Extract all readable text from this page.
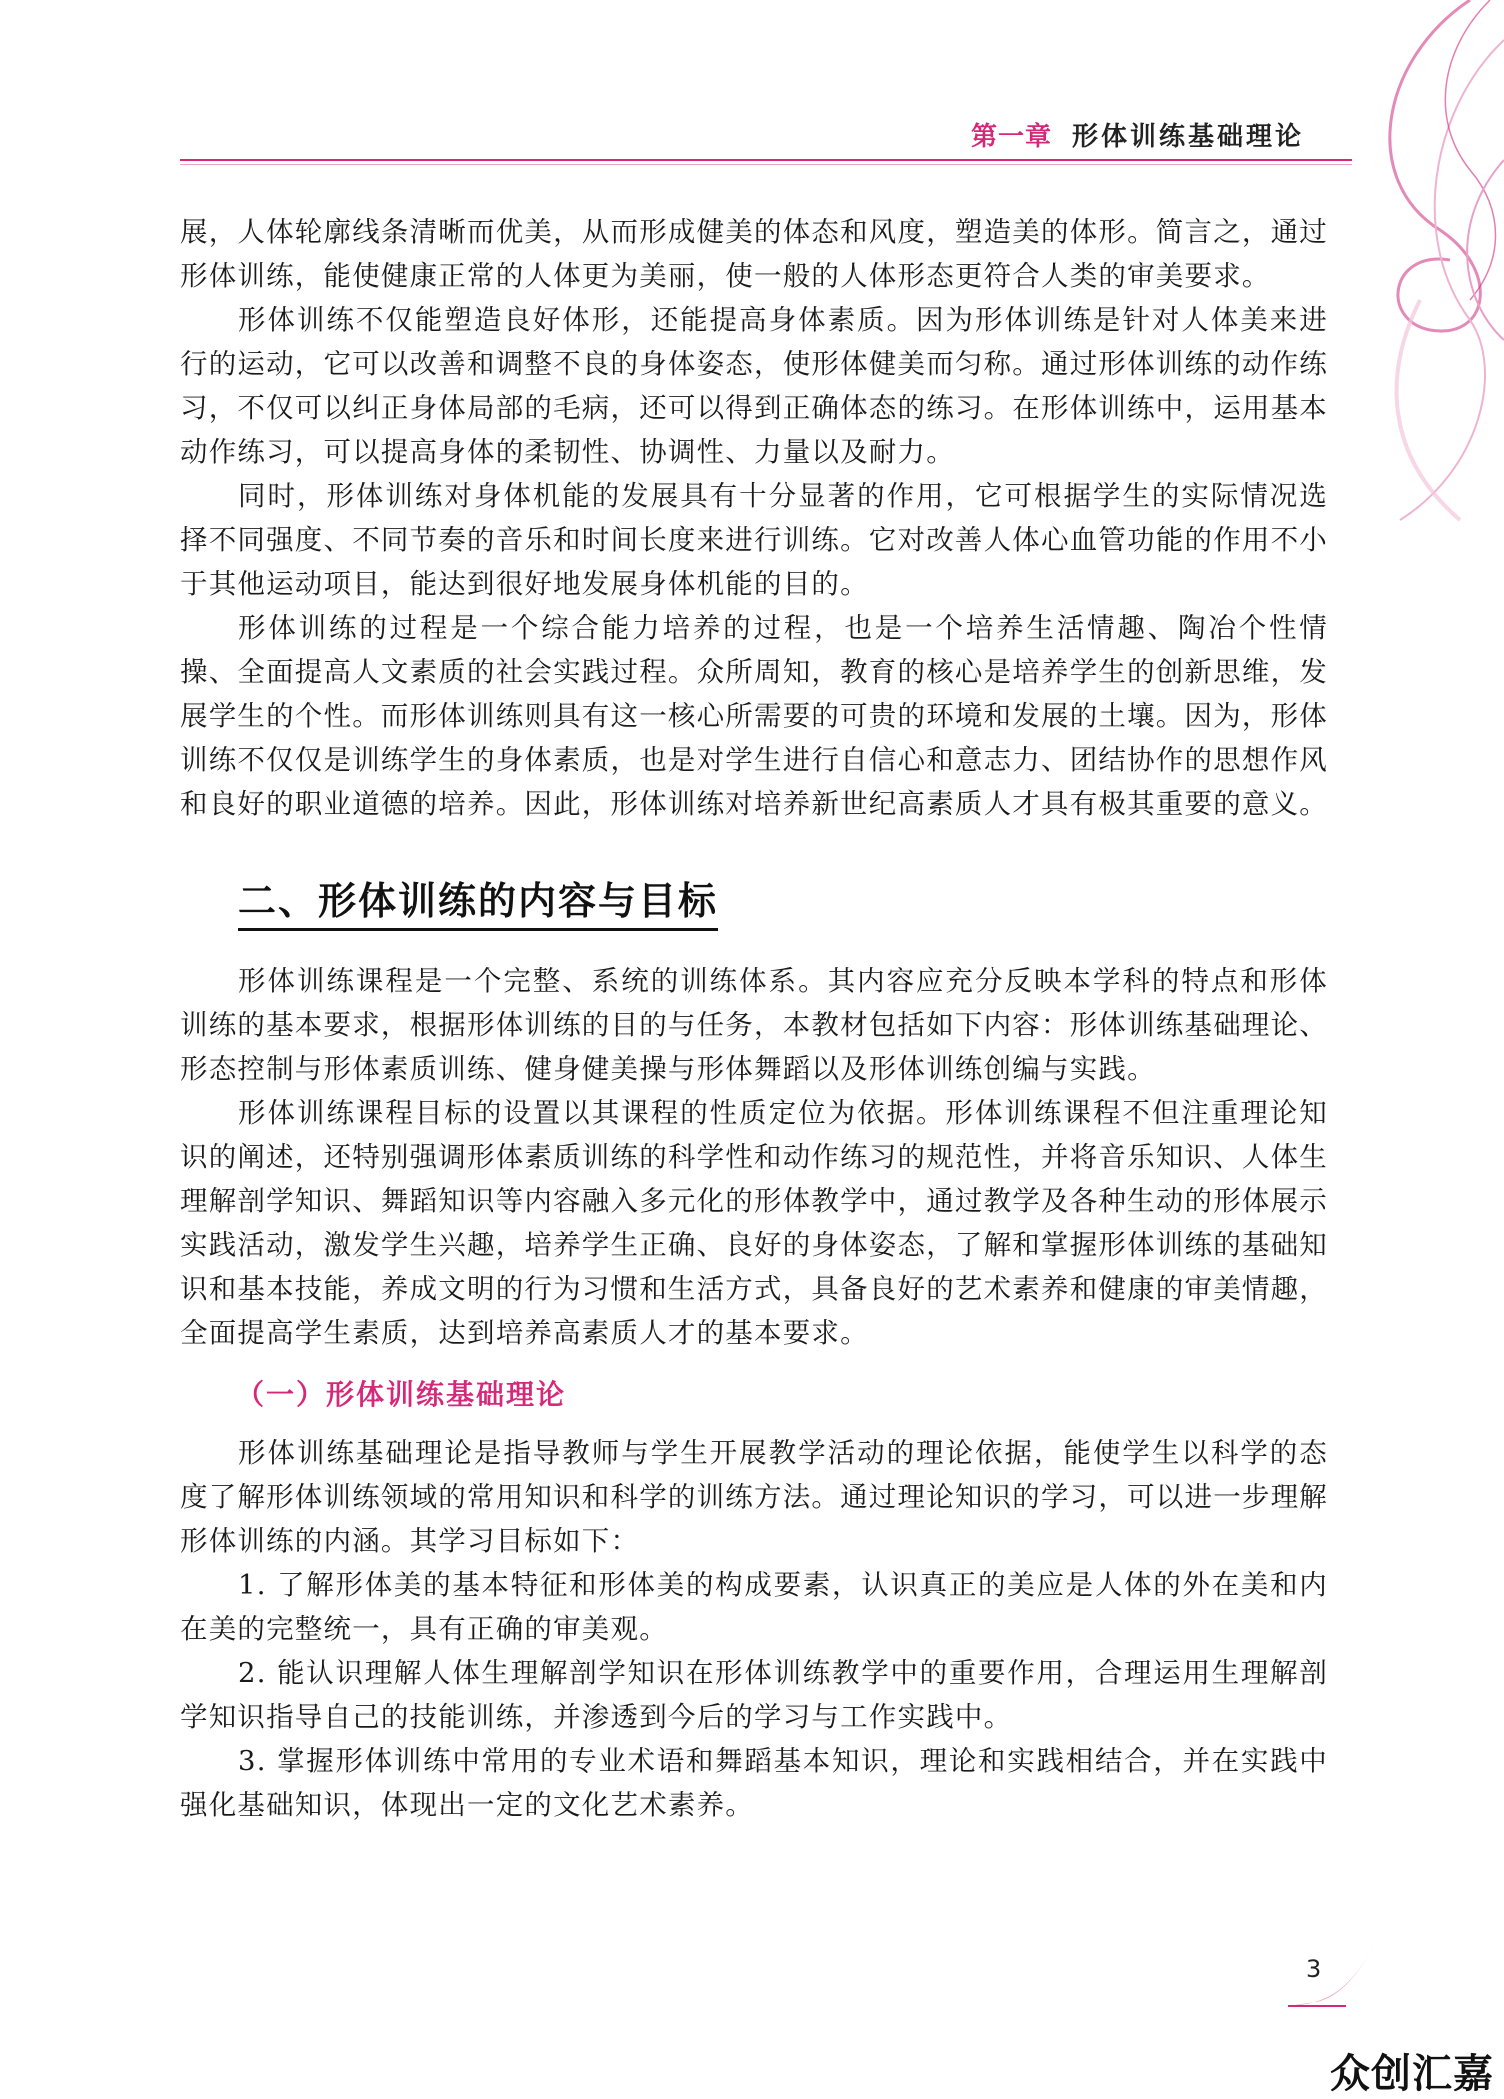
第一章 形体训练基础理论

展，人体轮廓线条清晰而优美，从而形成健美的体态和风度，塑造美的体形。简言之，通过形体训练，能使健康正常的人体更为美丽，使一般的人体形态更符合人类的审美要求。

形体训练不仅能塑造良好体形，还能提高身体素质。因为形体训练是针对人体美来进行的运动，它可以改善和调整不良的身体姿态，使形体健美而匀称。通过形体训练的动作练习，不仅可以纠正身体局部的毛病，还可以得到正确体态的练习。在形体训练中，运用基本动作练习，可以提高身体的柔韧性、协调性、力量以及耐力。

同时，形体训练对身体机能的发展具有十分显著的作用，它可根据学生的实际情况选择不同强度、不同节奏的音乐和时间长度来进行训练。它对改善人体心血管功能的作用不小于其他运动项目，能达到很好地发展身体机能的目的。

形体训练的过程是一个综合能力培养的过程，也是一个培养生活情趣、陶冶个性情操、全面提高人文素质的社会实践过程。众所周知，教育的核心是培养学生的创新思维，发展学生的个性。而形体训练则具有这一核心所需要的可贵的环境和发展的土壤。因为，形体训练不仅仅是训练学生的身体素质，也是对学生进行自信心和意志力、团结协作的思想作风和良好的职业道德的培养。因此，形体训练对培养新世纪高素质人才具有极其重要的意义。

二、形体训练的内容与目标

形体训练课程是一个完整、系统的训练体系。其内容应充分反映本学科的特点和形体训练的基本要求，根据形体训练的目的与任务，本教材包括如下内容：形体训练基础理论、形态控制与形体素质训练、健身健美操与形体舞蹈以及形体训练创编与实践。

形体训练课程目标的设置以其课程的性质定位为依据。形体训练课程不但注重理论知识的阐述，还特别强调形体素质训练的科学性和动作练习的规范性，并将音乐知识、人体生理解剖学知识、舞蹈知识等内容融入多元化的形体教学中，通过教学及各种生动的形体展示实践活动，激发学生兴趣，培养学生正确、良好的身体姿态，了解和掌握形体训练的基础知识和基本技能，养成文明的行为习惯和生活方式，具备良好的艺术素养和健康的审美情趣，全面提高学生素质，达到培养高素质人才的基本要求。

（一）形体训练基础理论

形体训练基础理论是指导教师与学生开展教学活动的理论依据，能使学生以科学的态度了解形体训练领域的常用知识和科学的训练方法。通过理论知识的学习，可以进一步理解形体训练的内涵。其学习目标如下：

1. 了解形体美的基本特征和形体美的构成要素，认识真正的美应是人体的外在美和内在美的完整统一，具有正确的审美观。

2. 能认识理解人体生理解剖学知识在形体训练教学中的重要作用，合理运用生理解剖学知识指导自己的技能训练，并渗透到今后的学习与工作实践中。

3. 掌握形体训练中常用的专业术语和舞蹈基本知识，理论和实践相结合，并在实践中强化基础知识，体现出一定的文化艺术素养。

3
众创汇嘉
